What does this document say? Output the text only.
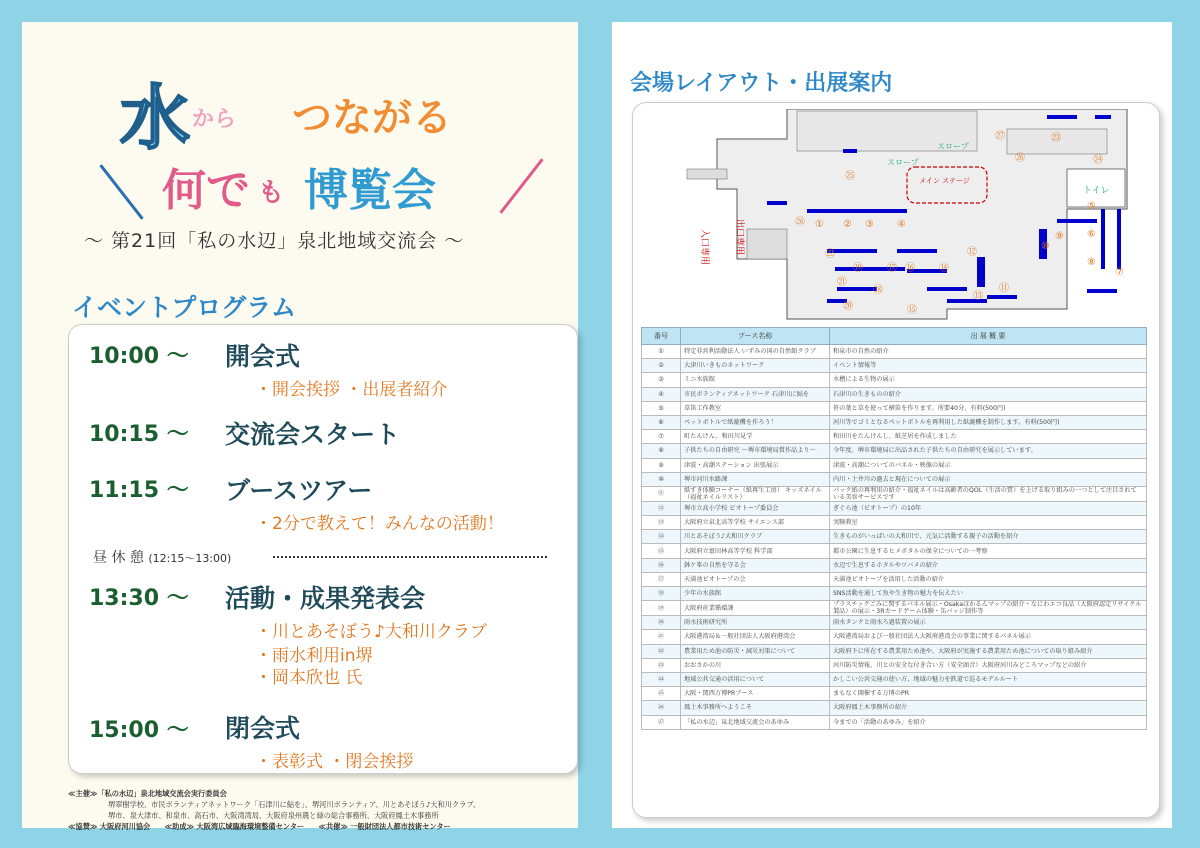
水 から つながる
何で も 博覧会
〜 第21回「私の水辺」泉北地域交流会 〜
イベントプログラム
10:00 〜 開会式
・開会挨拶 ・出展者紹介
10:15 〜 交流会スタート
11:15 〜 ブースツアー
・2分で教えて！みんなの活動！
昼 休 憩 (12:15〜13:00)
13:30 〜 活動・成果発表会
・川とあそぼう♪大和川クラブ
・雨水利用in堺
・岡本欣也 氏
15:00 〜 閉会式
・表彰式 ・閉会挨拶
≪主催≫「私の水辺」泉北地域交流会実行委員会
堺翠樹学校、市民ボランティアネットワーク「石津川に鮎を」、堺河川ボランティア、川とあそぼう♪大和川クラブ、
堺市、泉大津市、和泉市、高石市、大阪湾湾局、大阪府泉州農と緑の総合事務所、大阪府鳳土木事務所
≪協賛≫ 大阪府河川協会　　≪助成≫ 大阪湾広域臨海環境整備センター　　≪共催≫ 一般財団法人都市技術センター
会場レイアウト・出展案内
入口専用	出口専用
スロープ
スロープ
メイン ステージ
トイレ
① ② ③ ④
⑤
⑥
⑦
⑧
⑨
⑩
⑪
⑫
⑬
⑭
⑮
⑯
⑰
⑱
⑲
⑳
㉑
㉒
㉓
㉔
㉕
㉖
㉗
㉖
番号	ブース名称	出 展 概 要
①	特定非営利活動法人 いずみの国の自然館クラブ	和泉市の自然の紹介
②	大津川いきものネットワーク	イベント情報等
③	ミニ水族館	水槽による生物の展示
④	市民ボランティアネットワーク 石津川に鮎を	石津川の生きものの紹介
⑤	草笛工作教室	笹の葉と草を使って横笛を作ります。所要40分、有料(500円)
⑥	ペットボトルで紙漉機を作ろう！	河川等でゴミとなるペットボトルを再利用した紙漉機を制作します。有料(500円)
⑦	町たんけん、和田川見学	和田川をたんけんし、紙芝居を作成しました
⑧	子供たちの自由研究 〜堺市環境局賞作品より〜	今年度、堺市環境局に出品された子供たちの自由研究を展示しています。
⑨	津波・高潮ステーション 出張展示	津波・高潮についてのパネル・映像の展示
⑩	堺市河川水路課	内川・土井川の過去と現在についての展示
⑪	紙すき体験コーナー（紙再生工房） キッズネイル（福祉ネイルリスト）	パック紙の再利用の紹介・福祉ネイルは高齢者のQOL（生活の質）を上げる取り組みの一つとして注目されている美容サービスです
⑫	堺市立高小学校 ビオトープ委員会	ぎぐら池（ビオトープ）の10年
⑬	大阪府立泉北高等学校 サイエンス部	実験教室
⑭	川とあそぼう♪大和川クラブ	生きものがいっぱいの大和川で、元気に活動する親子の活動を紹介
⑮	大阪府立富田林高等学校 科学部	都市公園に生息するヒメボタルの保全についての一考察
⑯	鉢ケ峯の自然を守る会	水辺で生息するホタルやツバメの紹介
⑰	天満池ビオトープの会	天満池ビオトープを活用した活動の紹介
⑱	少年の水族館	SNS活動を通して魚や生き物の魅力を伝えたい
⑲	大阪府産業循環課	プラスチックごみに関するパネル展示・Osakaほかるんマップの紹介・なにわエコ良品（大阪府認定リサイクル製品）の展示・3Rカードゲーム体験・缶バッジ制作等
⑳	雨水技術研究所	雨水タンクと雨水ろ過装置の展示
㉑	大阪港湾局＆一般社団法人大阪府港湾会	大阪港湾局および一般社団法人大阪府港湾会の事業に関するパネル展示
㉒	農業用ため池の防災・減災対策について	大阪府下に所在する農業用ため池や、大阪府が実施する農業用ため池についての取り組み紹介
㉓	おおさかの川	河川防災情報、川との安全な付き合い方（安全頭音）大阪府河川みどころマップなどの紹介
㉔	地域公共交通の活用について	かしこい公共交通の使い方、地域の魅力を鉄道で巡るモデルルート
㉕	大阪・関西万博PRブース	まもなく開催する万博のPR
㉖	鳳土木事務所へようこそ	大阪府鳳土木事務所の紹介
㉗	「私の水辺」泉北地域交流会のあゆみ	今までの「活動のあゆみ」を紹介
